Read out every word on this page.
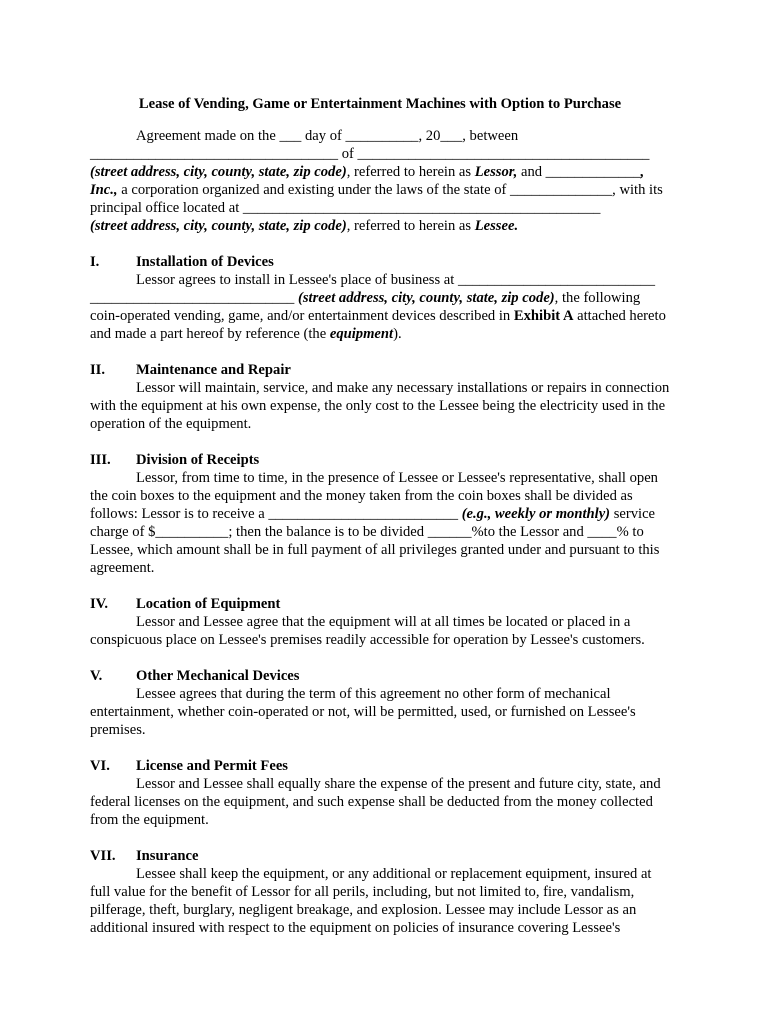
Lease of Vending, Game or Entertainment Machines with Option to Purchase

Agreement made on the ___ day of __________, 20___, between
__________________________________ of ________________________________________
(street address, city, county, state, zip code), referred to herein as Lessor, and _____________, Inc., a corporation organized and existing under the laws of the state of ______________, with its principal office located at _________________________________________________
(street address, city, county, state, zip code), referred to herein as Lessee.

I.	Installation of Devices

Lessor agrees to install in Lessee's place of business at ___________________________ ____________________________ (street address, city, county, state, zip code), the following coin-operated vending, game, and/or entertainment devices described in Exhibit A attached hereto and made a part hereof by reference (the equipment).

II.	Maintenance and Repair

Lessor will maintain, service, and make any necessary installations or repairs in connection with the equipment at his own expense, the only cost to the Lessee being the electricity used in the operation of the equipment.

III.	Division of Receipts

Lessor, from time to time, in the presence of Lessee or Lessee's representative, shall open the coin boxes to the equipment and the money taken from the coin boxes shall be divided as follows: Lessor is to receive a __________________________ (e.g., weekly or monthly) service charge of $__________; then the balance is to be divided ______%to the Lessor and ____% to Lessee, which amount shall be in full payment of all privileges granted under and pursuant to this agreement.

IV.	Location of Equipment

Lessor and Lessee agree that the equipment will at all times be located or placed in a conspicuous place on Lessee's premises readily accessible for operation by Lessee's customers.

V.	Other Mechanical Devices

Lessee agrees that during the term of this agreement no other form of mechanical entertainment, whether coin-operated or not, will be permitted, used, or furnished on Lessee's premises.

VI.	License and Permit Fees

Lessor and Lessee shall equally share the expense of the present and future city, state, and federal licenses on the equipment, and such expense shall be deducted from the money collected from the equipment.

VII.	Insurance

Lessee shall keep the equipment, or any additional or replacement equipment, insured at full value for the benefit of Lessor for all perils, including, but not limited to, fire, vandalism, pilferage, theft, burglary, negligent breakage, and explosion. Lessee may include Lessor as an additional insured with respect to the equipment on policies of insurance covering Lessee's
